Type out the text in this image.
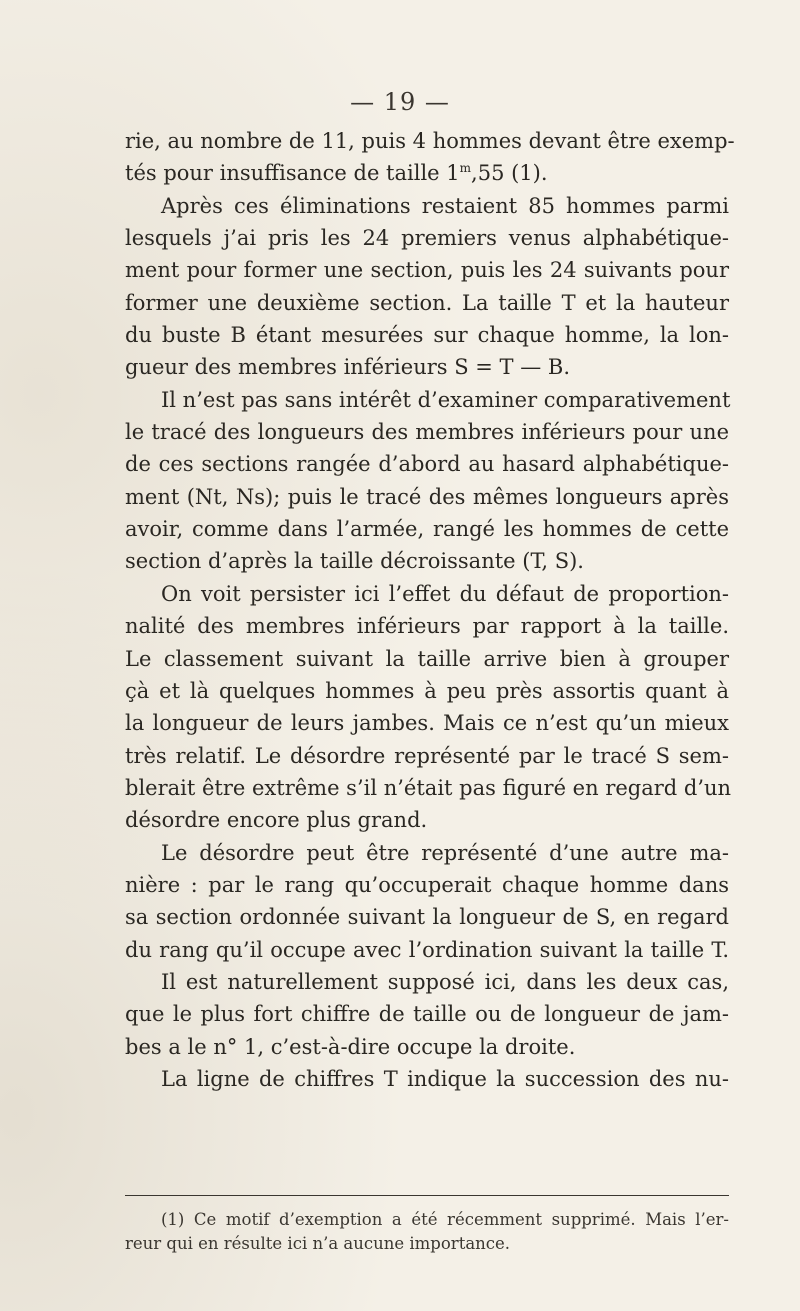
— 19 —
rie, au nombre de 11, puis 4 hommes devant être exemp-
tés pour insuffisance de taille 1$^m$,55 (1).
Après ces éliminations restaient 85 hommes parmi
lesquels j’ai pris les 24 premiers venus alphabétique-
ment pour former une section, puis les 24 suivants pour
former une deuxième section. La taille T et la hauteur
du buste B étant mesurées sur chaque homme, la lon-
gueur des membres inférieurs S = T — B.
Il n’est pas sans intérêt d’examiner comparativement
le tracé des longueurs des membres inférieurs pour une
de ces sections rangée d’abord au hasard alphabétique-
ment (Nt, Ns); puis le tracé des mêmes longueurs après
avoir, comme dans l’armée, rangé les hommes de cette
section d’après la taille décroissante (T, S).
On voit persister ici l’effet du défaut de proportion-
nalité des membres inférieurs par rapport à la taille.
Le classement suivant la taille arrive bien à grouper
çà et là quelques hommes à peu près assortis quant à
la longueur de leurs jambes. Mais ce n’est qu’un mieux
très relatif. Le désordre représenté par le tracé S sem-
blerait être extrême s’il n’était pas figuré en regard d’un
désordre encore plus grand.
Le désordre peut être représenté d’une autre ma-
nière : par le rang qu’occuperait chaque homme dans
sa section ordonnée suivant la longueur de S, en regard
du rang qu’il occupe avec l’ordination suivant la taille T.
Il est naturellement supposé ici, dans les deux cas,
que le plus fort chiffre de taille ou de longueur de jam-
bes a le n° 1, c’est-à-dire occupe la droite.
La ligne de chiffres T indique la succession des nu-
(1) Ce motif d’exemption a été récemment supprimé. Mais l’er-
reur qui en résulte ici n’a aucune importance.
